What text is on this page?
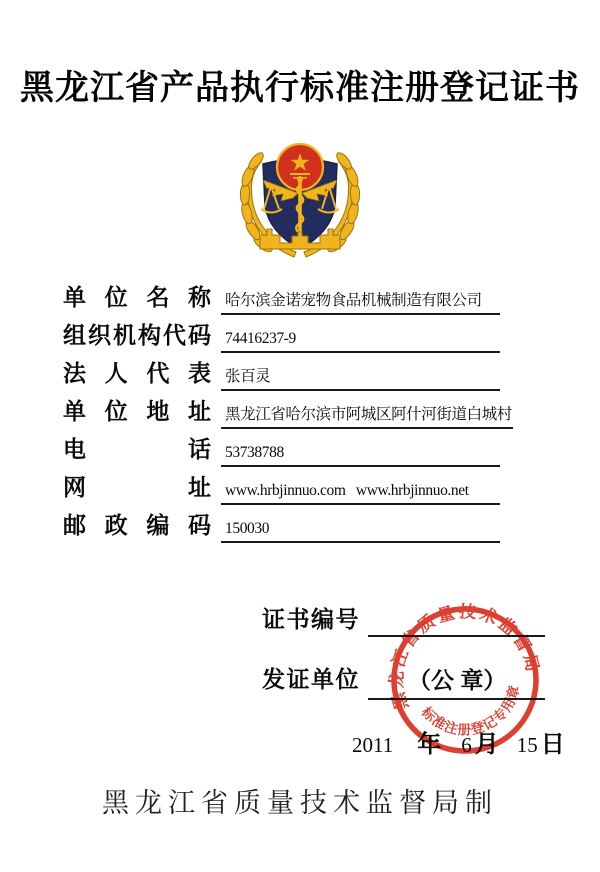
黑龙江省产品执行标准注册登记证书
单位名称 哈尔滨金诺宠物食品机械制造有限公司
组织机构代码 74416237-9
法人代表 张百灵
单位地址 黑龙江省哈尔滨市阿城区阿什河街道白城村
电话 53738788
网址 www.hrbjinnuo.com   www.hrbjinnuo.net
邮政编码 150030
证书编号
发证单位	（公 章）
2011 年 6 月 15 日
黑龙江省质量技术监督局制
黑龙江省质量技术监督局
标准注册登记专用章
